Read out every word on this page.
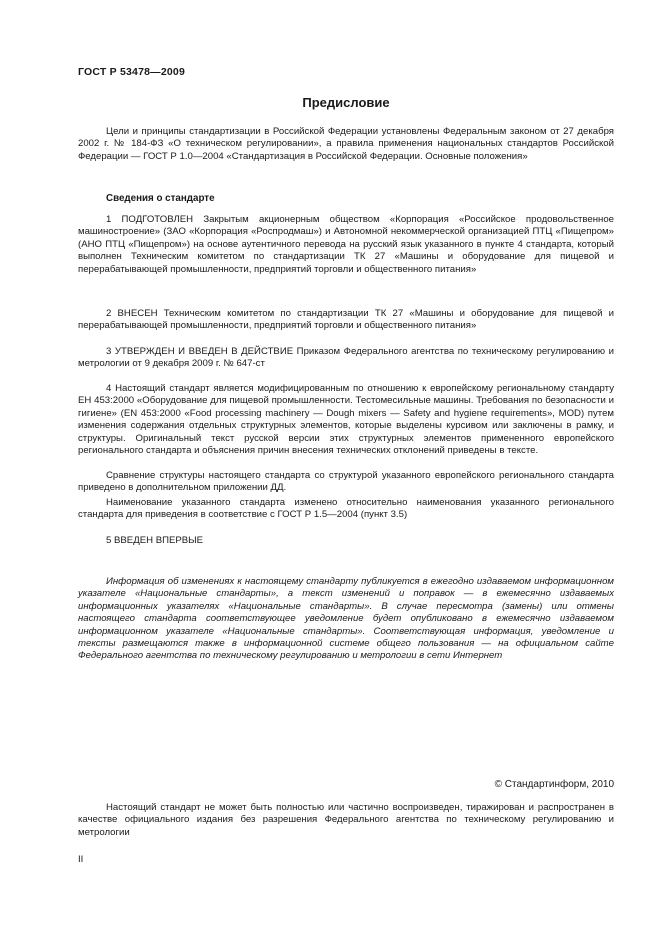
ГОСТ Р 53478—2009
Предисловие

Цели и принципы стандартизации в Российской Федерации установлены Федеральным законом от 27 декабря 2002 г. № 184-ФЗ «О техническом регулировании», а правила применения национальных стандартов Российской Федерации — ГОСТ Р 1.0—2004 «Стандартизация в Российской Федерации. Основные положения»

Сведения о стандарте

1 ПОДГОТОВЛЕН Закрытым акционерным обществом «Корпорация «Российское продовольственное машиностроение» (ЗАО «Корпорация «Роспродмаш») и Автономной некоммерческой организацией ПТЦ «Пищепром» (АНО ПТЦ «Пищепром») на основе аутентичного перевода на русский язык указанного в пункте 4 стандарта, который выполнен Техническим комитетом по стандартизации ТК 27 «Машины и оборудование для пищевой и перерабатывающей промышленности, предприятий торговли и общественного питания»

2 ВНЕСЕН Техническим комитетом по стандартизации ТК 27 «Машины и оборудование для пищевой и перерабатывающей промышленности, предприятий торговли и общественного питания»

3 УТВЕРЖДЕН И ВВЕДЕН В ДЕЙСТВИЕ Приказом Федерального агентства по техническому регулированию и метрологии от 9 декабря 2009 г. № 647-ст

4 Настоящий стандарт является модифицированным по отношению к европейскому региональному стандарту ЕН 453:2000 «Оборудование для пищевой промышленности. Тестомесильные машины. Требования по безопасности и гигиене» (EN 453:2000 «Food processing machinery — Dough mixers — Safety and hygiene requirements», MOD) путем изменения содержания отдельных структурных элементов, которые выделены курсивом или заключены в рамку, и структуры. Оригинальный текст русской версии этих структурных элементов примененного европейского регионального стандарта и объяснения причин внесения технических отклонений приведены в тексте.

Сравнение структуры настоящего стандарта со структурой указанного европейского регионального стандарта приведено в дополнительном приложении ДД.

Наименование указанного стандарта изменено относительно наименования указанного регионального стандарта для приведения в соответствие с ГОСТ Р 1.5—2004 (пункт 3.5)

5 ВВЕДЕН ВПЕРВЫЕ

Информация об изменениях к настоящему стандарту публикуется в ежегодно издаваемом информационном указателе «Национальные стандарты», а текст изменений и поправок — в ежемесячно издаваемых информационных указателях «Национальные стандарты». В случае пересмотра (замены) или отмены настоящего стандарта соответствующее уведомление будет опубликовано в ежемесячно издаваемом информационном указателе «Национальные стандарты». Соответствующая информация, уведомление и тексты размещаются также в информационной системе общего пользования — на официальном сайте Федерального агентства по техническому регулированию и метрологии в сети Интернет

© Стандартинформ, 2010

Настоящий стандарт не может быть полностью или частично воспроизведен, тиражирован и распространен в качестве официального издания без разрешения Федерального агентства по техническому регулированию и метрологии

II
